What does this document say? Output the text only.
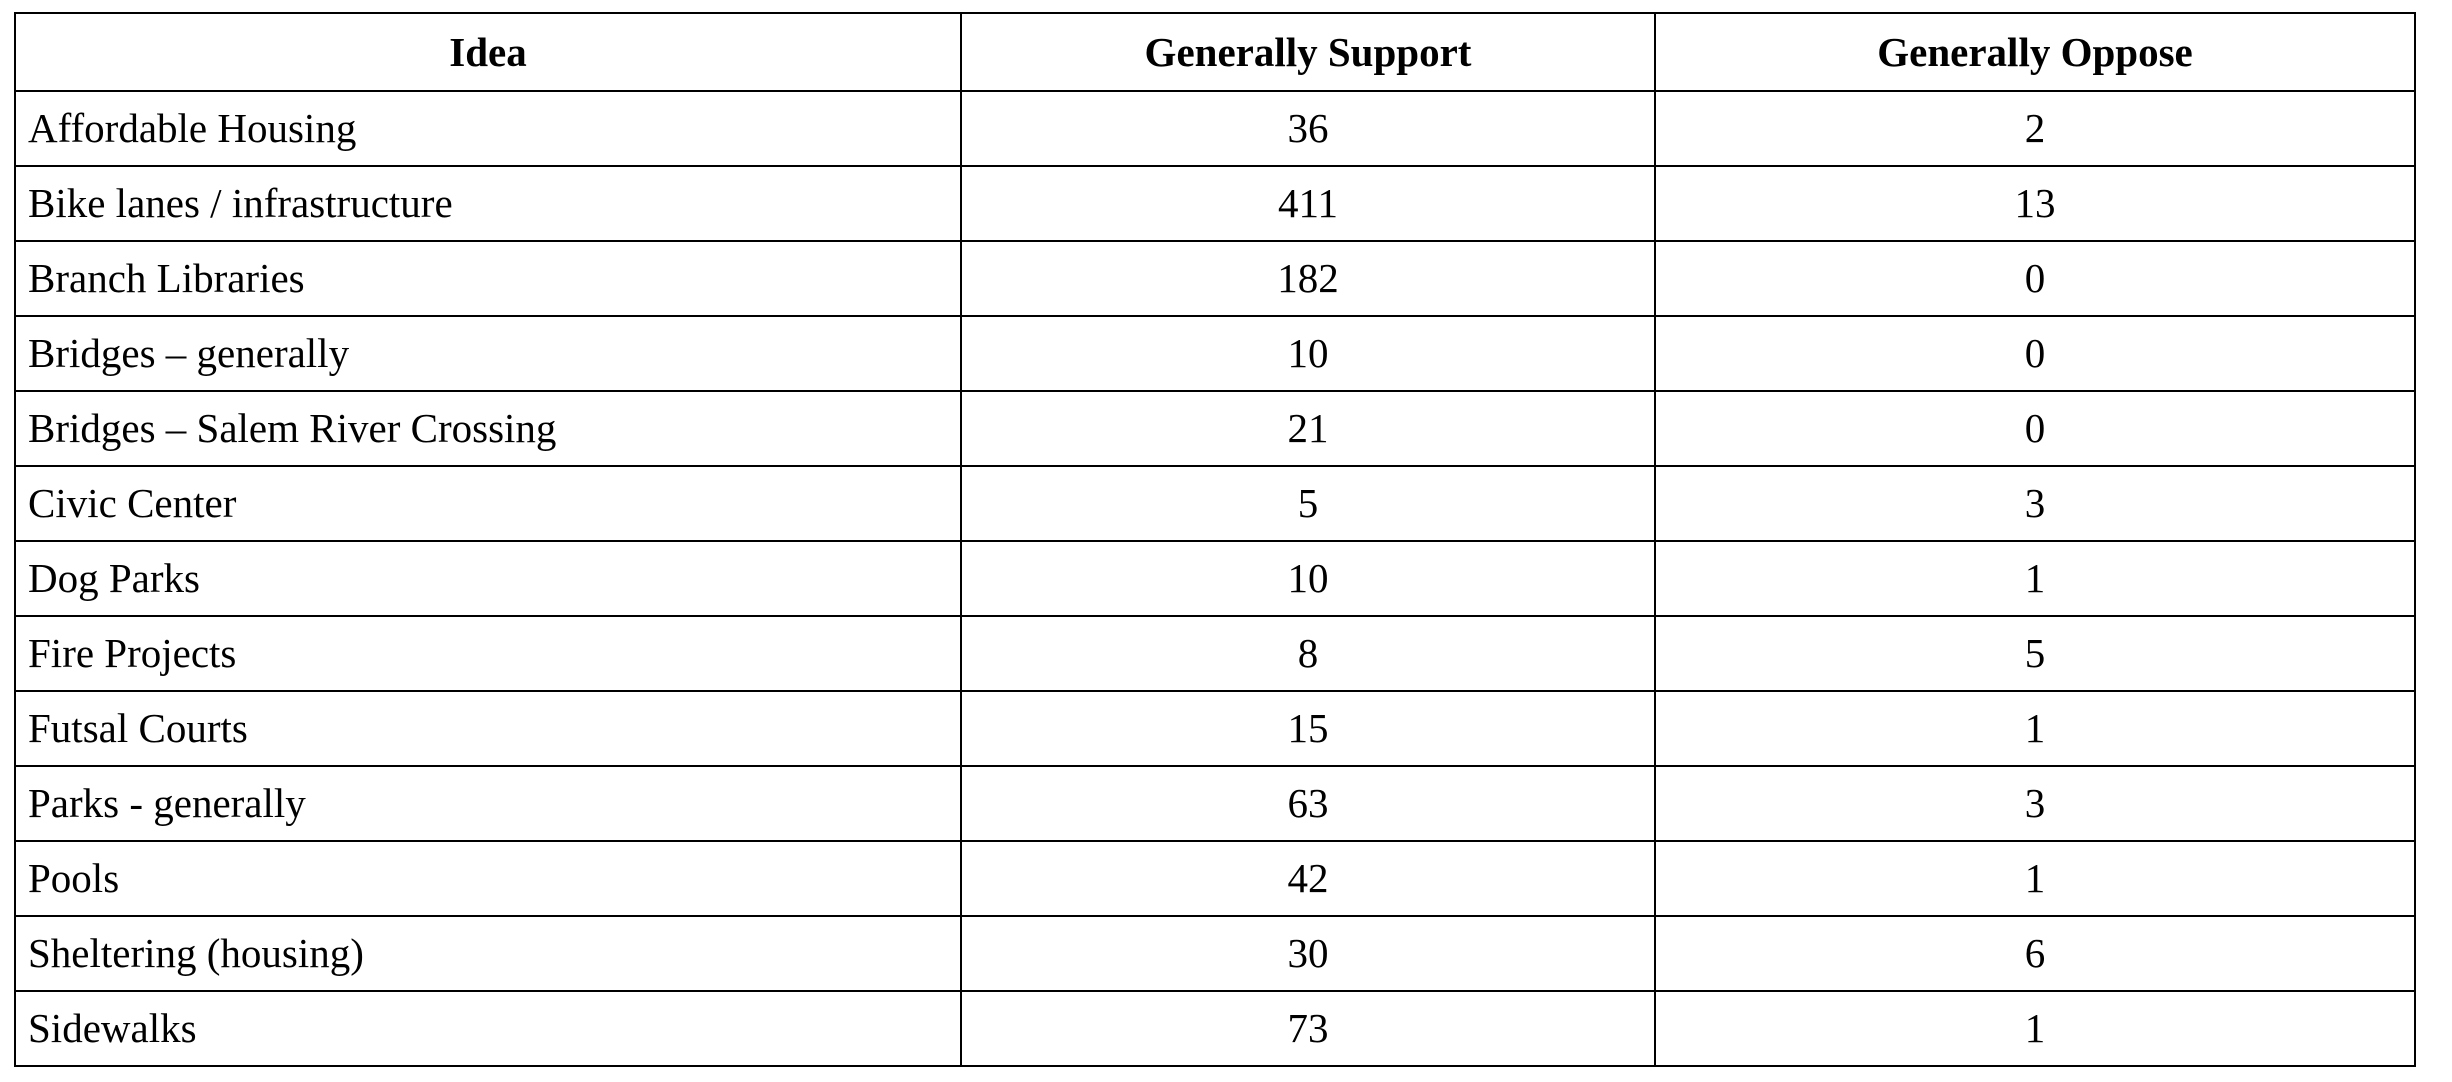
Idea	Generally Support	Generally Oppose
Affordable Housing	36	2
Bike lanes / infrastructure	411	13
Branch Libraries	182	0
Bridges – generally	10	0
Bridges – Salem River Crossing	21	0
Civic Center	5	3
Dog Parks	10	1
Fire Projects	8	5
Futsal Courts	15	1
Parks - generally	63	3
Pools	42	1
Sheltering (housing)	30	6
Sidewalks	73	1
